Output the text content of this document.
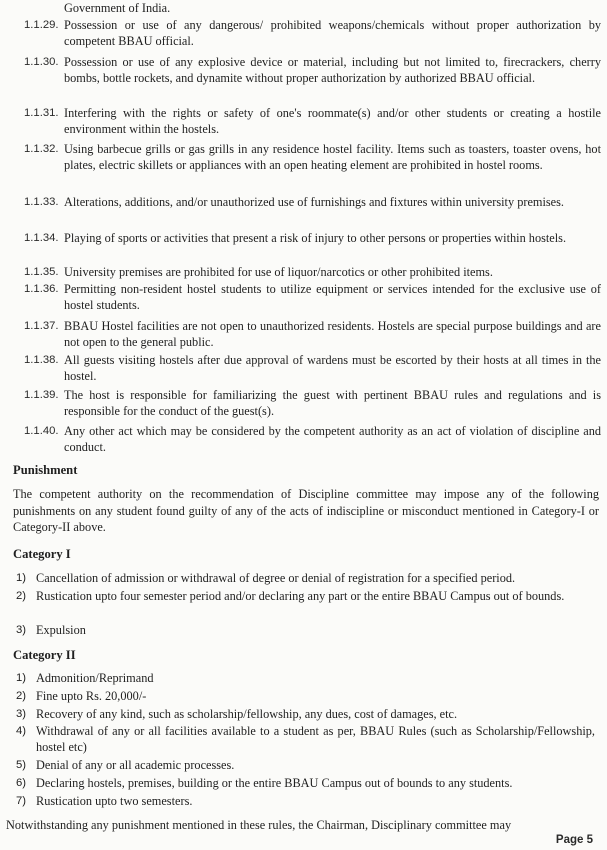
Government of India.
1.1.29. Possession or use of any dangerous/ prohibited weapons/chemicals without proper authorization by competent BBAU official.
1.1.30. Possession or use of any explosive device or material, including but not limited to, firecrackers, cherry bombs, bottle rockets, and dynamite without proper authorization by authorized BBAU official.
1.1.31. Interfering with the rights or safety of one's roommate(s) and/or other students or creating a hostile environment within the hostels.
1.1.32. Using barbecue grills or gas grills in any residence hostel facility. Items such as toasters, toaster ovens, hot plates, electric skillets or appliances with an open heating element are prohibited in hostel rooms.
1.1.33. Alterations, additions, and/or unauthorized use of furnishings and fixtures within university premises.
1.1.34. Playing of sports or activities that present a risk of injury to other persons or properties within hostels.
1.1.35. University premises are prohibited for use of liquor/narcotics or other prohibited items.
1.1.36. Permitting non-resident hostel students to utilize equipment or services intended for the exclusive use of hostel students.
1.1.37. BBAU Hostel facilities are not open to unauthorized residents. Hostels are special purpose buildings and are not open to the general public.
1.1.38. All guests visiting hostels after due approval of wardens must be escorted by their hosts at all times in the hostel.
1.1.39. The host is responsible for familiarizing the guest with pertinent BBAU rules and regulations and is responsible for the conduct of the guest(s).
1.1.40. Any other act which may be considered by the competent authority as an act of violation of discipline and conduct.
Punishment
The competent authority on the recommendation of Discipline committee may impose any of the following punishments on any student found guilty of any of the acts of indiscipline or misconduct mentioned in Category-I or Category-II above.
Category I
1) Cancellation of admission or withdrawal of degree or denial of registration for a specified period.
2) Rustication upto four semester period and/or declaring any part or the entire BBAU Campus out of bounds.
3) Expulsion
Category II
1) Admonition/Reprimand
2) Fine upto Rs. 20,000/-
3) Recovery of any kind, such as scholarship/fellowship, any dues, cost of damages, etc.
4) Withdrawal of any or all facilities available to a student as per, BBAU Rules (such as Scholarship/Fellowship, hostel etc)
5) Denial of any or all academic processes.
6) Declaring hostels, premises, building or the entire BBAU Campus out of bounds to any students.
7) Rustication upto two semesters.
Notwithstanding any punishment mentioned in these rules, the Chairman, Disciplinary committee may
Page 5
